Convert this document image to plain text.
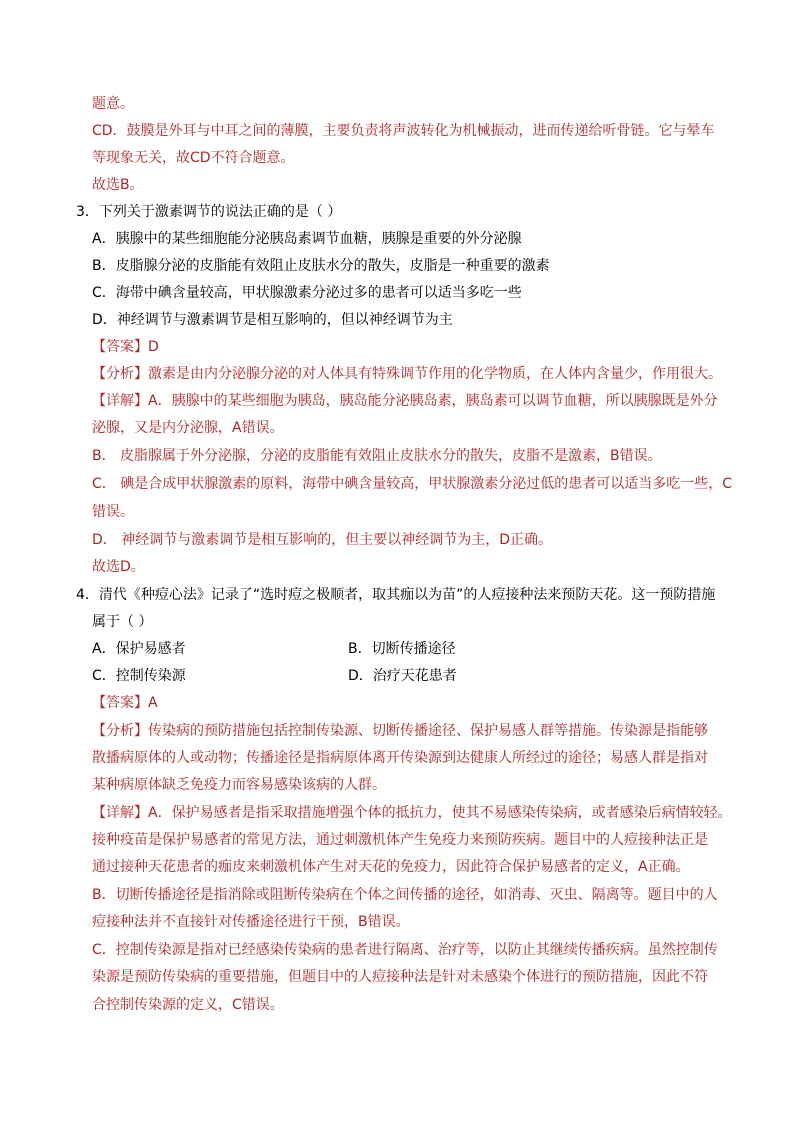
题意。
CD．鼓膜是外耳与中耳之间的薄膜，主要负责将声波转化为机械振动，进而传递给听骨链。它与晕车
等现象无关，故CD不符合题意。
故选B。
3．下列关于激素调节的说法正确的是（ ）
A．胰腺中的某些细胞能分泌胰岛素调节血糖，胰腺是重要的外分泌腺
B．皮脂腺分泌的皮脂能有效阻止皮肤水分的散失，皮脂是一种重要的激素
C．海带中碘含量较高，甲状腺激素分泌过多的患者可以适当多吃一些
D．神经调节与激素调节是相互影响的，但以神经调节为主
【答案】D
【分析】激素是由内分泌腺分泌的对人体具有特殊调节作用的化学物质，在人体内含量少，作用很大。
【详解】A．胰腺中的某些细胞为胰岛，胰岛能分泌胰岛素，胰岛素可以调节血糖，所以胰腺既是外分
泌腺，又是内分泌腺，A错误。
B． 皮脂腺属于外分泌腺，分泌的皮脂能有效阻止皮肤水分的散失，皮脂不是激素，B错误。
C． 碘是合成甲状腺激素的原料，海带中碘含量较高，甲状腺激素分泌过低的患者可以适当多吃一些，C
错误。
D． 神经调节与激素调节是相互影响的，但主要以神经调节为主，D正确。
故选D。
4．清代《种痘心法》记录了“选时痘之极顺者，取其痂以为苗”的人痘接种法来预防天花。这一预防措施
属于（ ）
A．保护易感者	B．切断传播途径
C．控制传染源	D．治疗天花患者
【答案】A
【分析】传染病的预防措施包括控制传染源、切断传播途径、保护易感人群等措施。传染源是指能够
散播病原体的人或动物；传播途径是指病原体离开传染源到达健康人所经过的途径；易感人群是指对
某种病原体缺乏免疫力而容易感染该病的人群。
【详解】A．保护易感者是指采取措施增强个体的抵抗力，使其不易感染传染病，或者感染后病情较轻。
接种疫苗是保护易感者的常见方法，通过刺激机体产生免疫力来预防疾病。题目中的人痘接种法正是
通过接种天花患者的痂皮来刺激机体产生对天花的免疫力，因此符合保护易感者的定义，A正确。
B．切断传播途径是指消除或阻断传染病在个体之间传播的途径，如消毒、灭虫、隔离等。题目中的人
痘接种法并不直接针对传播途径进行干预，B错误。
C．控制传染源是指对已经感染传染病的患者进行隔离、治疗等，以防止其继续传播疾病。虽然控制传
染源是预防传染病的重要措施，但题目中的人痘接种法是针对未感染个体进行的预防措施，因此不符
合控制传染源的定义，C错误。
